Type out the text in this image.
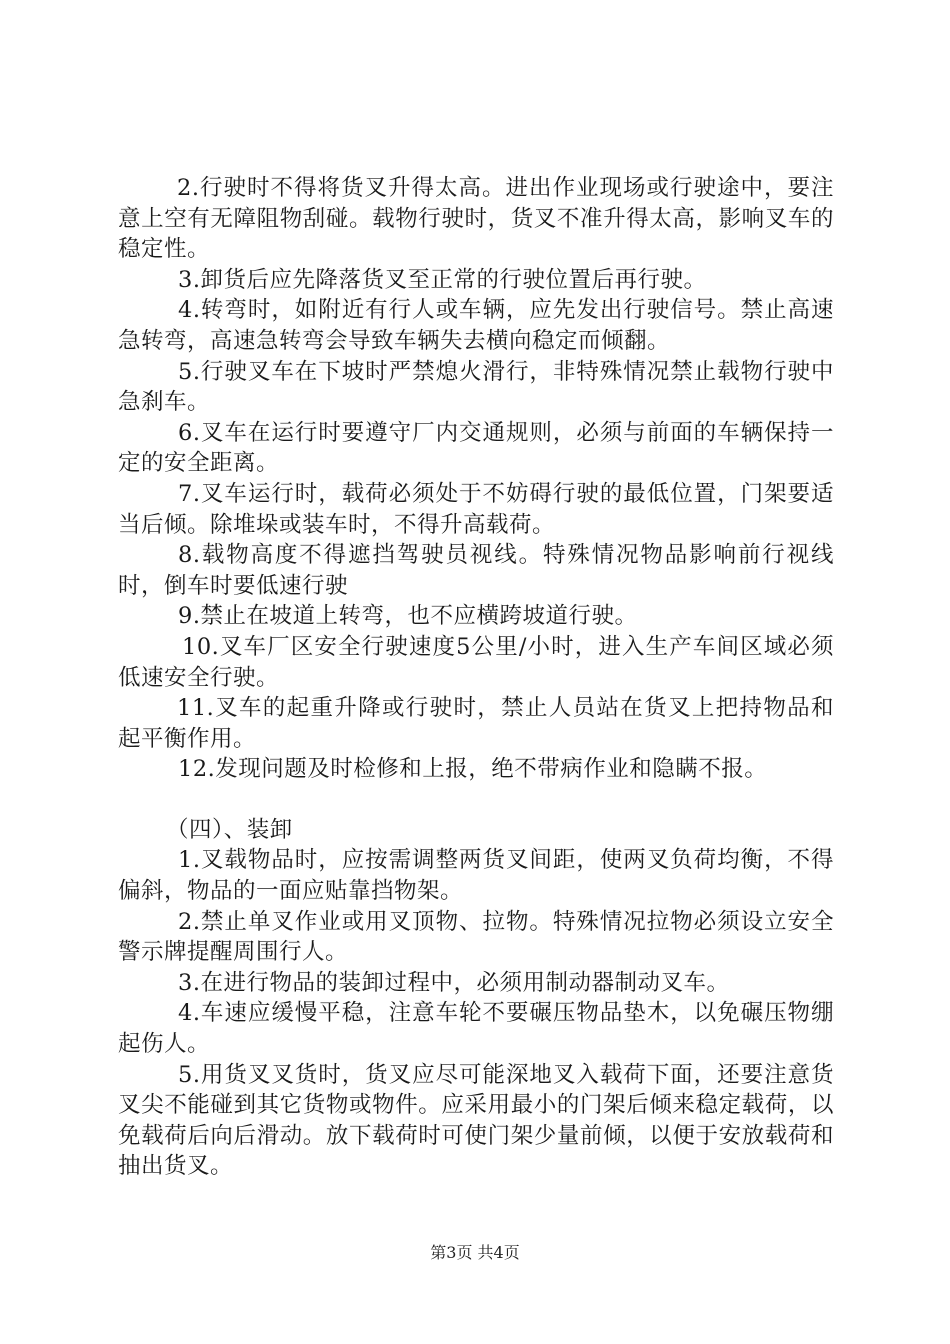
2.行驶时不得将货叉升得太高。进出作业现场或行驶途中，要注意上空有无障阻物刮碰。载物行驶时，货叉不准升得太高，影响叉车的稳定性。

3.卸货后应先降落货叉至正常的行驶位置后再行驶。

4.转弯时，如附近有行人或车辆，应先发出行驶信号。禁止高速急转弯，高速急转弯会导致车辆失去横向稳定而倾翻。

5.行驶叉车在下坡时严禁熄火滑行，非特殊情况禁止载物行驶中急刹车。

6.叉车在运行时要遵守厂内交通规则，必须与前面的车辆保持一定的安全距离。

7.叉车运行时，载荷必须处于不妨碍行驶的最低位置，门架要适当后倾。除堆垛或装车时，不得升高载荷。

8.载物高度不得遮挡驾驶员视线。特殊情况物品影响前行视线时，倒车时要低速行驶

9.禁止在坡道上转弯，也不应横跨坡道行驶。

10.叉车厂区安全行驶速度5公里/小时，进入生产车间区域必须低速安全行驶。

11.叉车的起重升降或行驶时，禁止人员站在货叉上把持物品和起平衡作用。

12.发现问题及时检修和上报，绝不带病作业和隐瞒不报。

（四）、装卸

1.叉载物品时，应按需调整两货叉间距，使两叉负荷均衡，不得偏斜，物品的一面应贴靠挡物架。

2.禁止单叉作业或用叉顶物、拉物。特殊情况拉物必须设立安全警示牌提醒周围行人。

3.在进行物品的装卸过程中，必须用制动器制动叉车。

4.车速应缓慢平稳，注意车轮不要碾压物品垫木，以免碾压物绷起伤人。

5.用货叉叉货时，货叉应尽可能深地叉入载荷下面，还要注意货叉尖不能碰到其它货物或物件。应采用最小的门架后倾来稳定载荷，以免载荷后向后滑动。放下载荷时可使门架少量前倾，以便于安放载荷和抽出货叉。

第3页 共4页
